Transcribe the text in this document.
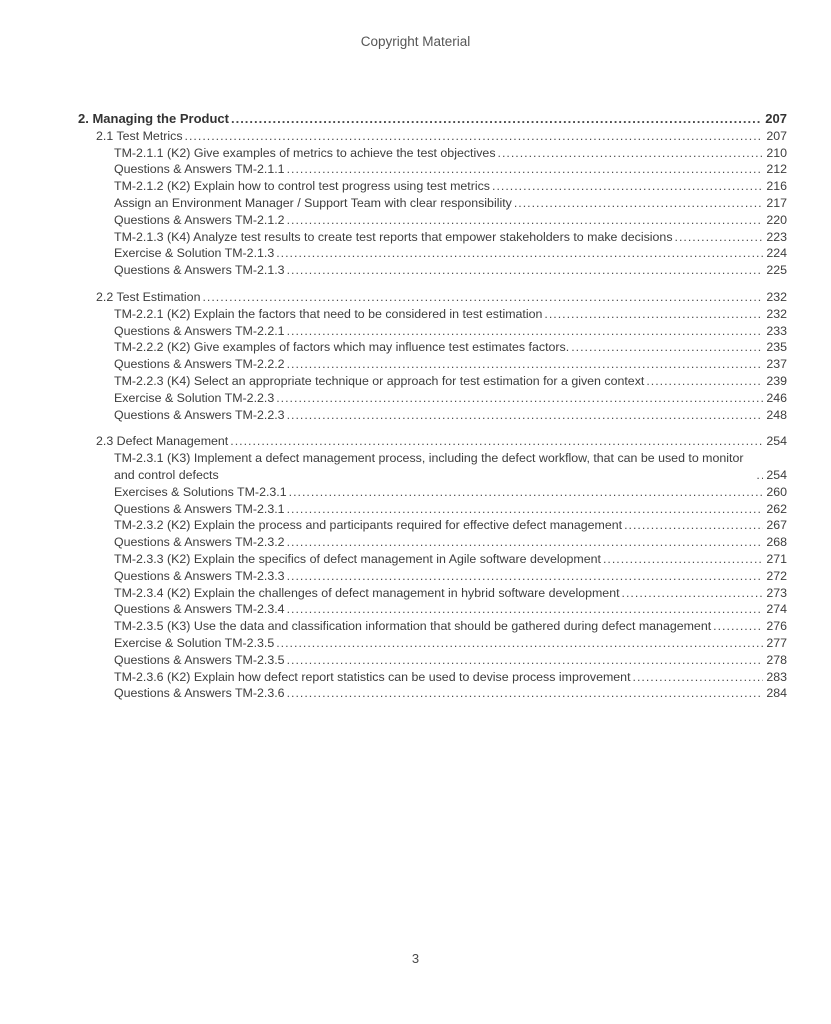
Copyright Material
2. Managing the Product .....	207
2.1 Test Metrics .....	207
TM-2.1.1 (K2) Give examples of metrics to achieve the test objectives .....	210
Questions & Answers TM-2.1.1 .....	212
TM-2.1.2 (K2) Explain how to control test progress using test metrics .....	216
Assign an Environment Manager / Support Team with clear responsibility .....	217
Questions & Answers TM-2.1.2 .....	220
TM-2.1.3 (K4) Analyze test results to create test reports that empower stakeholders to make decisions .....	223
Exercise & Solution TM-2.1.3 .....	224
Questions & Answers TM-2.1.3 .....	225
2.2 Test Estimation .....	232
TM-2.2.1 (K2) Explain the factors that need to be considered in test estimation .....	232
Questions & Answers TM-2.2.1 .....	233
TM-2.2.2 (K2) Give examples of factors which may influence test estimates factors. .....	235
Questions & Answers TM-2.2.2 .....	237
TM-2.2.3 (K4) Select an appropriate technique or approach for test estimation for a given context .....	239
Exercise & Solution TM-2.2.3 .....	246
Questions & Answers TM-2.2.3 .....	248
2.3 Defect Management .....	254
TM-2.3.1 (K3) Implement a defect management process, including the defect workflow, that can be used to monitor and control defects .....	254
Exercises & Solutions TM-2.3.1 .....	260
Questions & Answers TM-2.3.1 .....	262
TM-2.3.2 (K2) Explain the process and participants required for effective defect management .....	267
Questions & Answers TM-2.3.2 .....	268
TM-2.3.3 (K2) Explain the specifics of defect management in Agile software development .....	271
Questions & Answers TM-2.3.3 .....	272
TM-2.3.4 (K2) Explain the challenges of defect management in hybrid software development .....	273
Questions & Answers TM-2.3.4 .....	274
TM-2.3.5 (K3) Use the data and classification information that should be gathered during defect management .....	276
Exercise & Solution TM-2.3.5 .....	277
Questions & Answers TM-2.3.5 .....	278
TM-2.3.6 (K2) Explain how defect report statistics can be used to devise process improvement .....	283
Questions & Answers TM-2.3.6 .....	284
3
